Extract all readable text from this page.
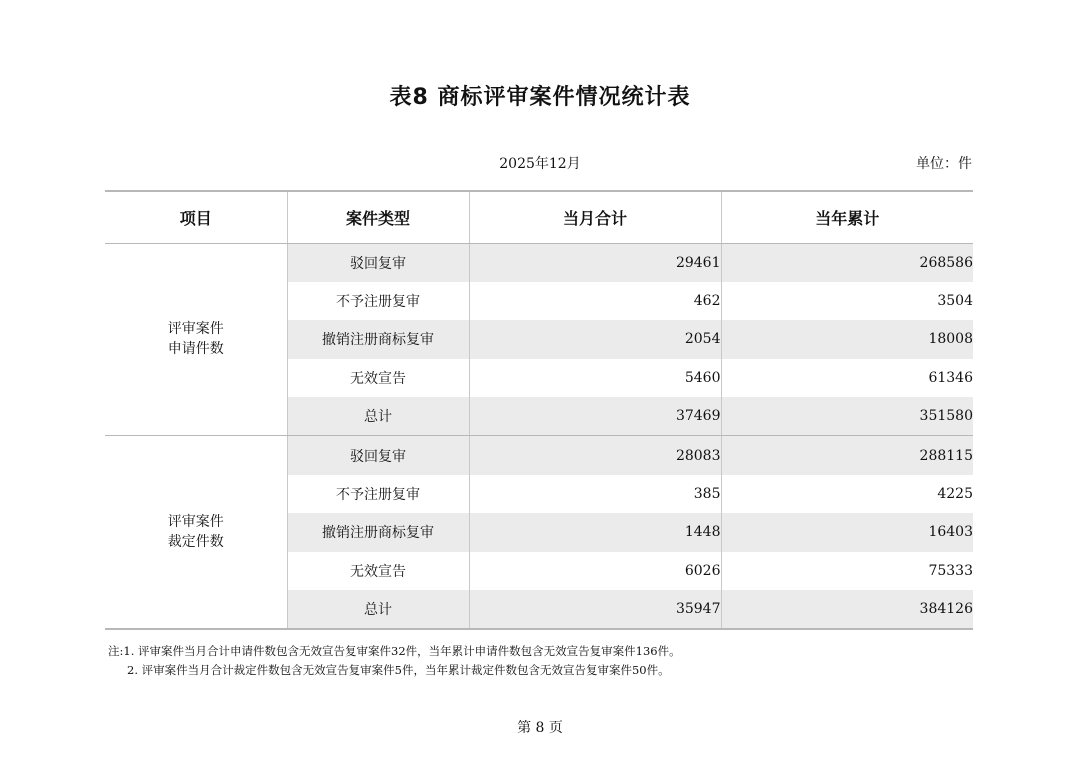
表8 商标评审案件情况统计表
2025年12月	单位：件
项目	案件类型	当月合计	当年累计

评审案件
申请件数	驳回复审	29461	268586
	不予注册复审	462	3504
	撤销注册商标复审	2054	18008
	无效宣告	5460	61346
	总计	37469	351580

评审案件
裁定件数	驳回复审	28083	288115
	不予注册复审	385	4225
	撤销注册商标复审	1448	16403
	无效宣告	6026	75333
	总计	35947	384126
注:1. 评审案件当月合计申请件数包含无效宣告复审案件32件，当年累计申请件数包含无效宣告复审案件136件。
2. 评审案件当月合计裁定件数包含无效宣告复审案件5件，当年累计裁定件数包含无效宣告复审案件50件。
第 8 页
